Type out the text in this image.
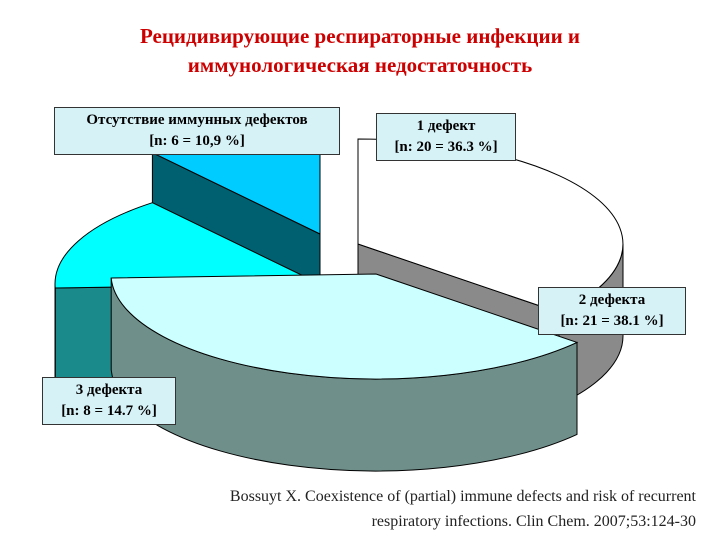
Рецидивирующие респираторные инфекции и
иммунологическая недостаточность
Отсутствие иммунных дефектов
[n: 6 = 10,9 %]
1 дефект
[n: 20 = 36.3 %]
2 дефекта
[n: 21 = 38.1 %]
3 дефекта
[n: 8 = 14.7 %]
Bossuyt X. Coexistence of (partial) immune defects and risk of recurrent
respiratory infections. Clin Chem. 2007;53:124-30
